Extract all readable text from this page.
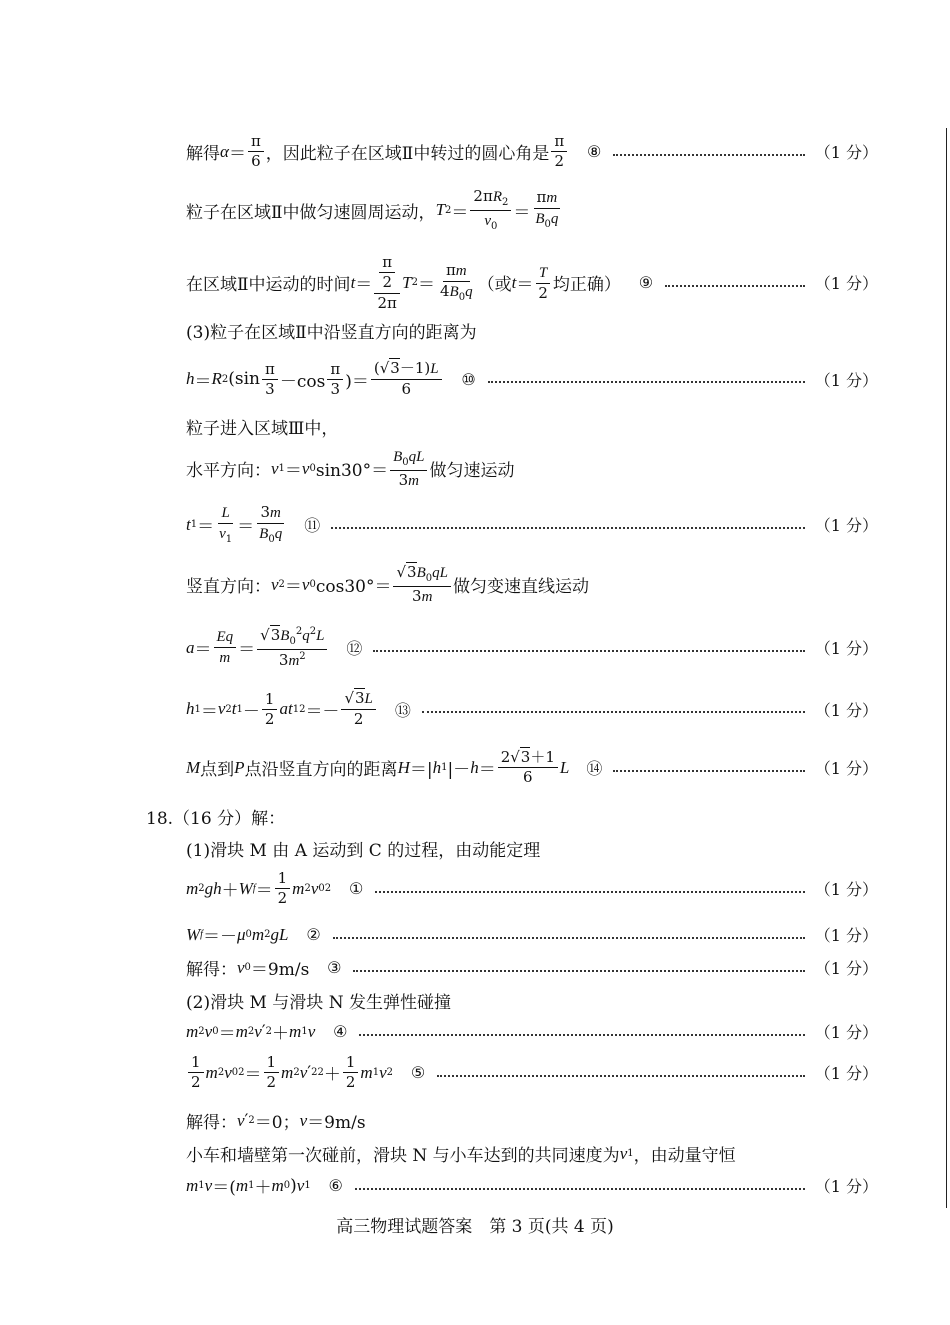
解得 $\alpha = \frac{\pi}{6}$ ，因此粒子在区域Ⅱ中转过的圆心角是 $\frac{\pi}{2}$ ⑧	（1 分）
粒子在区域Ⅱ中做匀速圆周运动， T $2 = \frac{2\pi R_2}{v_0} = \frac{\pi m}{B_0q}$
在区域Ⅱ中运动的时间 $t = \frac{\frac{\pi}{2}}{2\pi}$ T $2 = \frac{\pi m}{4B_0q}$ （或 $t = \frac{T}{2}$ 均正确） ⑨	（1 分）
(3)粒子在区域Ⅱ中沿竖直方向的距离为
h ＝ R 2 ($\sin \frac{\pi}{3} -\cos \frac{\pi}{3}$ )＝ $\frac{(√3-1)L}{6}$ ⑩	（1 分）
粒子进入区域Ⅲ中，
水平方向： v 1 ＝ v 0 $\sin 30^\circ= \frac{B_0qL}{3m}$ 做匀速运动
t $1 = \frac{L}{v_1} = \frac{3m}{B_0q}$ ⑪	（1 分）
竖直方向： v 2 ＝ v 0 $\cos 30^\circ= \frac{√3B_0qL}{3m}$ 做匀变速直线运动
$a = \frac{Eq}{m} = \frac{√3B_0^2q^2L}{3m^2}$ ⑫	（1 分）
h 1 ＝ v 2 t $1 - \frac{1}{2}$ at 1 $2 =- \frac{√3L}{2}$ ⑬	（1 分）
M 点到 P 点沿竖直方向的距离 H ＝| h 1 |－ $h = \frac{2√3+1}{6}$ L ⑭	（1 分）
18.（16 分）解：
(1)滑块 M 由 A 运动到 C 的过程，由动能定理
m 2 gh ＋ W $f = \frac{1}{2}$ m 2 v 0 2 ①	（1 分）
W f ＝－ μ 0 m 2 gL ②	（1 分）
解得： v 0 ＝9m/s ③	（1 分）
(2)滑块 M 与滑块 N 发生弹性碰撞
m 2 v 0 ＝ m 2 v ′ 2 ＋ m 1 v ④	（1 分）
$\frac{1}{2}$ m 2 v 0 $2 = \frac{1}{2}$ m 2 v ′ 2 $2 + \frac{1}{2}$ m 1 v 2 ⑤	（1 分）
解得： v ′ 2 ＝0； v ＝9m/s
小车和墙壁第一次碰前，滑块 N 与小车达到的共同速度为 v 1 ，由动量守恒
m 1 v ＝( m 1 ＋ m 0 ) v 1 ⑥	（1 分）
高三物理试题答案　第 3 页(共 4 页)
